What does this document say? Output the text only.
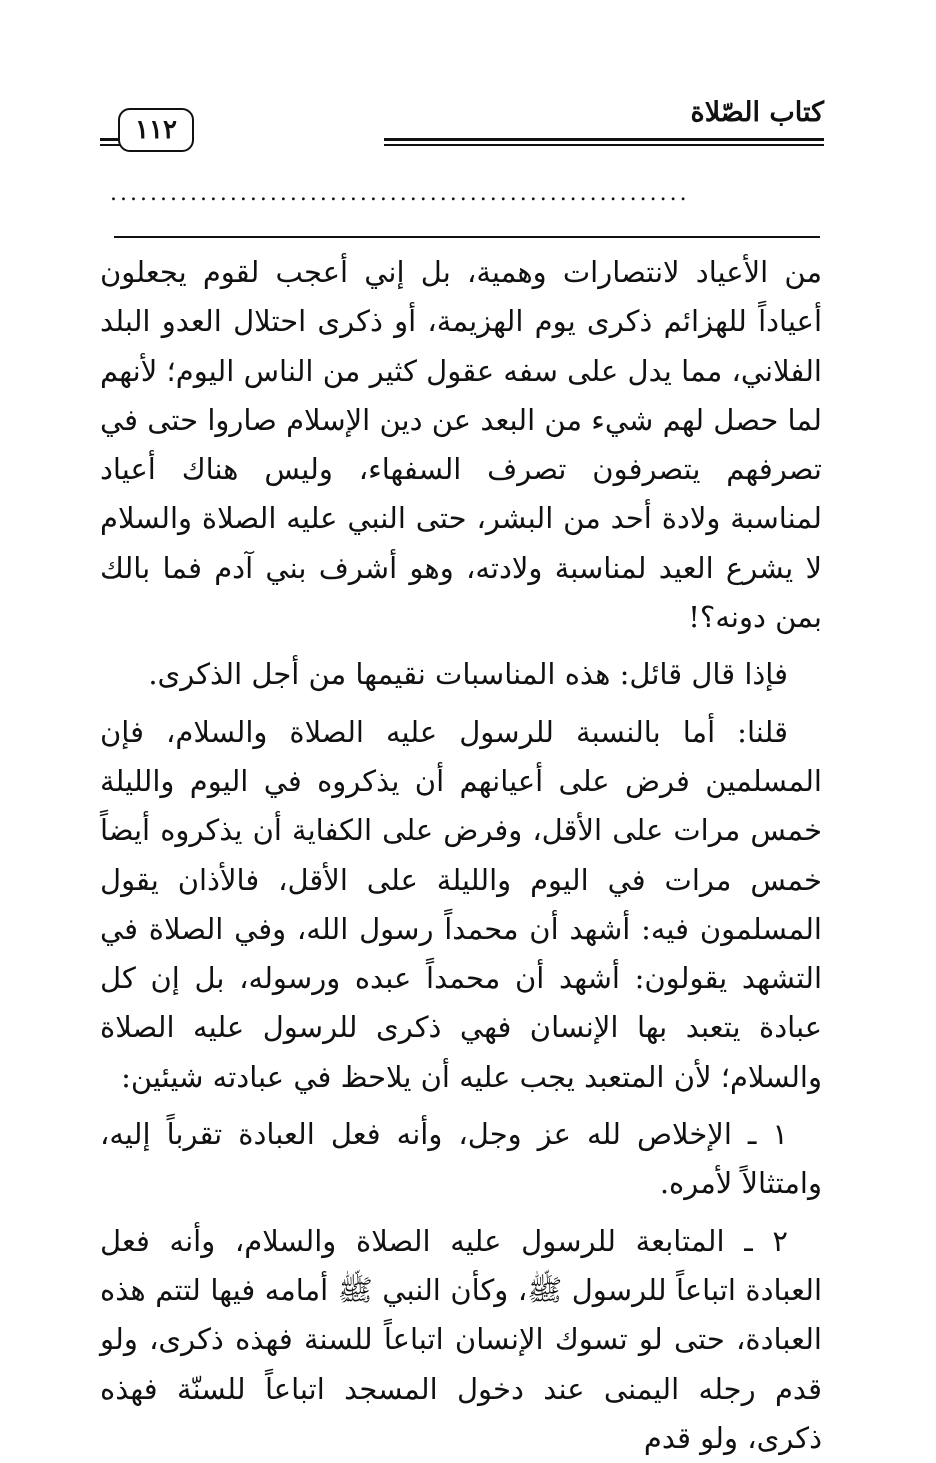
كتاب الصّلاة
١١٢
..........................................................

من الأعياد لانتصارات وهمية، بل إني أعجب لقوم يجعلون أعياداً للهزائم ذكرى يوم الهزيمة، أو ذكرى احتلال العدو البلد الفلاني، مما يدل على سفه عقول كثير من الناس اليوم؛ لأنهم لما حصل لهم شيء من البعد عن دين الإسلام صاروا حتى في تصرفهم يتصرفون تصرف السفهاء، وليس هناك أعياد لمناسبة ولادة أحد من البشر، حتى النبي عليه الصلاة والسلام لا يشرع العيد لمناسبة ولادته، وهو أشرف بني آدم فما بالك بمن دونه؟!

فإذا قال قائل: هذه المناسبات نقيمها من أجل الذكرى.

قلنا: أما بالنسبة للرسول عليه الصلاة والسلام، فإن المسلمين فرض على أعيانهم أن يذكروه في اليوم والليلة خمس مرات على الأقل، وفرض على الكفاية أن يذكروه أيضاً خمس مرات في اليوم والليلة على الأقل، فالأذان يقول المسلمون فيه: أشهد أن محمداً رسول الله، وفي الصلاة في التشهد يقولون: أشهد أن محمداً عبده ورسوله، بل إن كل عبادة يتعبد بها الإنسان فهي ذكرى للرسول عليه الصلاة والسلام؛ لأن المتعبد يجب عليه أن يلاحظ في عبادته شيئين:

١ ـ الإخلاص لله عز وجل، وأنه فعل العبادة تقرباً إليه، وامتثالاً لأمره.

٢ ـ المتابعة للرسول عليه الصلاة والسلام، وأنه فعل العبادة اتباعاً للرسول ﷺ، وكأن النبي ﷺ أمامه فيها لتتم هذه العبادة، حتى لو تسوك الإنسان اتباعاً للسنة فهذه ذكرى، ولو قدم رجله اليمنى عند دخول المسجد اتباعاً للسنّة فهذه ذكرى، ولو قدم
